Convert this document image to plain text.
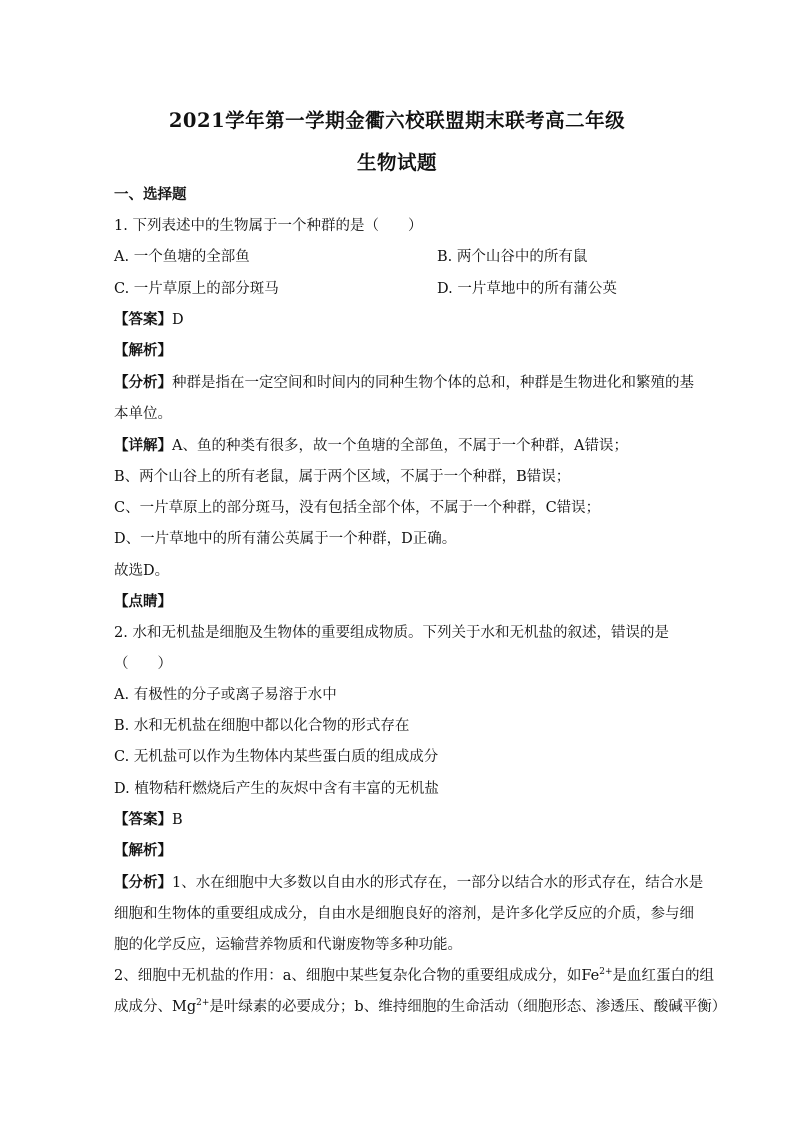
2021学年第一学期金衢六校联盟期末联考高二年级
生物试题
一、选择题
1. 下列表述中的生物属于一个种群的是（　　）
A. 一个鱼塘的全部鱼	B. 两个山谷中的所有鼠
C. 一片草原上的部分斑马	D. 一片草地中的所有蒲公英
【答案】D
【解析】
【分析】种群是指在一定空间和时间内的同种生物个体的总和，种群是生物进化和繁殖的基
本单位。
【详解】A、鱼的种类有很多，故一个鱼塘的全部鱼，不属于一个种群，A错误；
B、两个山谷上的所有老鼠，属于两个区域，不属于一个种群，B错误；
C、一片草原上的部分斑马，没有包括全部个体，不属于一个种群，C错误；
D、一片草地中的所有蒲公英属于一个种群，D正确。
故选D。
【点睛】
2. 水和无机盐是细胞及生物体的重要组成物质。下列关于水和无机盐的叙述，错误的是
（　　）
A. 有极性的分子或离子易溶于水中
B. 水和无机盐在细胞中都以化合物的形式存在
C. 无机盐可以作为生物体内某些蛋白质的组成成分
D. 植物秸秆燃烧后产生的灰烬中含有丰富的无机盐
【答案】B
【解析】
【分析】1、水在细胞中大多数以自由水的形式存在，一部分以结合水的形式存在，结合水是
细胞和生物体的重要组成成分，自由水是细胞良好的溶剂，是许多化学反应的介质，参与细
胞的化学反应，运输营养物质和代谢废物等多种功能。
2、细胞中无机盐的作用：a、细胞中某些复杂化合物的重要组成成分，如$Fe^{2+}$是血红蛋白的组
成成分、$Mg^{2+}$是叶绿素的必要成分；b、维持细胞的生命活动（细胞形态、渗透压、酸碱平衡）
